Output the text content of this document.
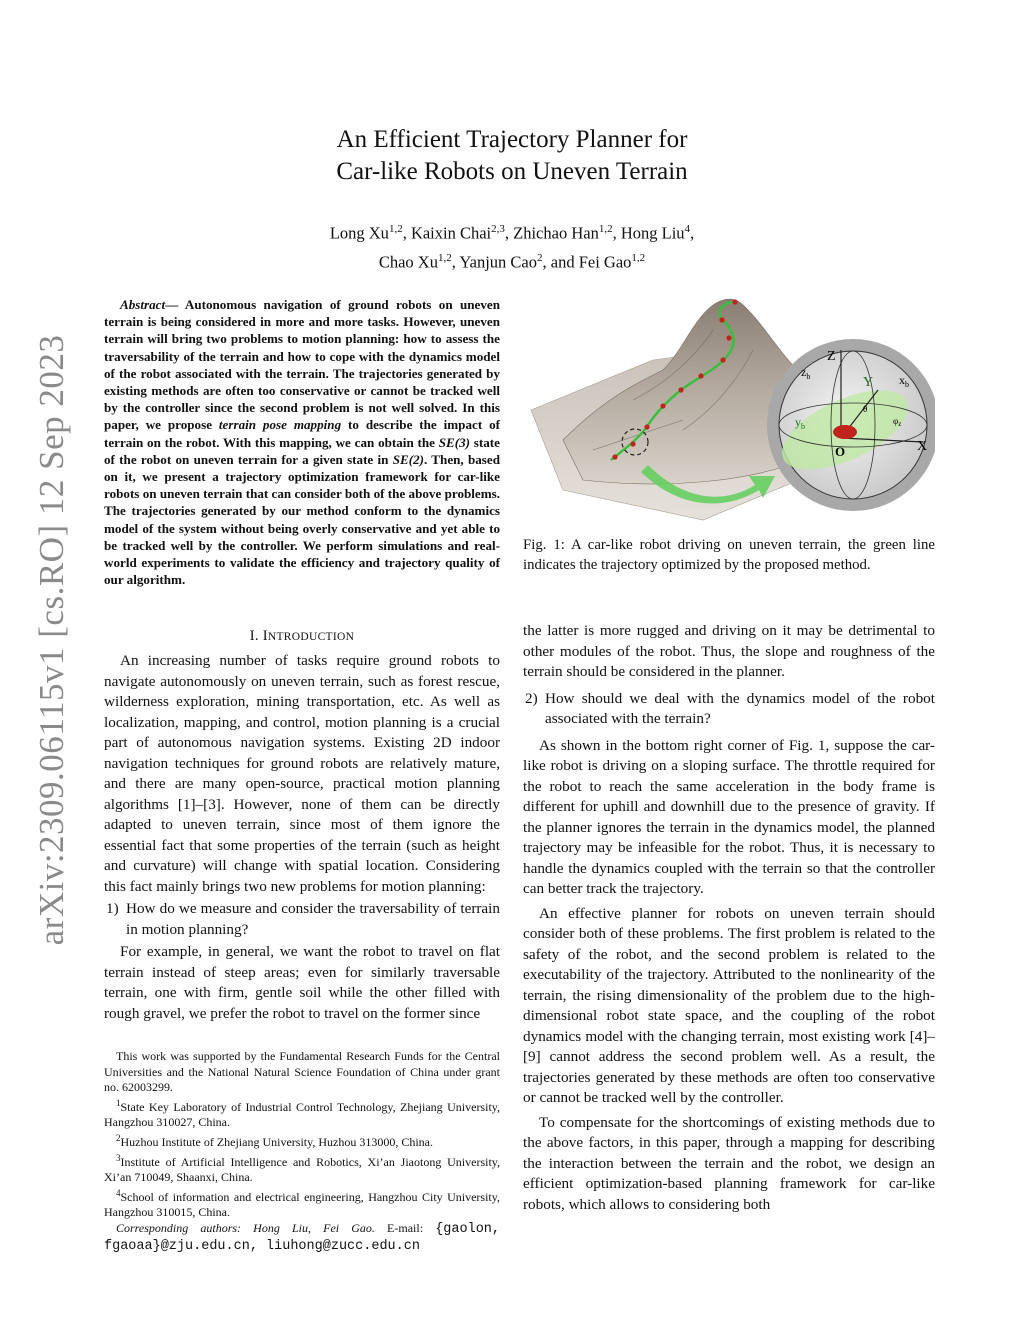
arXiv:2309.06115v1 [cs.RO] 12 Sep 2023
An Efficient Trajectory Planner for
Car-like Robots on Uneven Terrain
Long Xu$^{1,2}$, Kaixin Chai$^{2,3}$, Zhichao Han$^{1,2}$, Hong Liu$^4$,
Chao Xu$^{1,2}$, Yanjun Cao$^2$, and Fei Gao$^{1,2}$

Abstract— Autonomous navigation of ground robots on uneven terrain is being considered in more and more tasks. However, uneven terrain will bring two problems to motion planning: how to assess the traversability of the terrain and how to cope with the dynamics model of the robot associated with the terrain. The trajectories generated by existing methods are often too conservative or cannot be tracked well by the controller since the second problem is not well solved. In this paper, we propose terrain pose mapping to describe the impact of terrain on the robot. With this mapping, we can obtain the SE(3) state of the robot on uneven terrain for a given state in SE(2). Then, based on it, we present a trajectory optimization framework for car-like robots on uneven terrain that can consider both of the above problems. The trajectories generated by our method conform to the dynamics model of the system without being overly conservative and yet able to be tracked well by the controller. We perform simulations and real-world experiments to validate the efficiency and trajectory quality of our algorithm.

I. INTRODUCTION

An increasing number of tasks require ground robots to navigate autonomously on uneven terrain, such as forest rescue, wilderness exploration, mining transportation, etc. As well as localization, mapping, and control, motion planning is a crucial part of autonomous navigation systems. Existing 2D indoor navigation techniques for ground robots are relatively mature, and there are many open-source, practical motion planning algorithms [1]–[3]. However, none of them can be directly adapted to uneven terrain, since most of them ignore the essential fact that some properties of the terrain (such as height and curvature) will change with spatial location. Considering this fact mainly brings two new problems for motion planning:

1) How do we measure and consider the traversability of terrain in motion planning?

For example, in general, we want the robot to travel on flat terrain instead of steep areas; even for similarly traversable terrain, one with firm, gentle soil while the other filled with rough gravel, we prefer the robot to travel on the former since

This work was supported by the Fundamental Research Funds for the Central Universities and the National Natural Science Foundation of China under grant no. 62003299.

$^1$State Key Laboratory of Industrial Control Technology, Zhejiang University, Hangzhou 310027, China.

$^2$Huzhou Institute of Zhejiang University, Huzhou 313000, China.

$^3$Institute of Artificial Intelligence and Robotics, Xi’an Jiaotong University, Xi’an 710049, Shaanxi, China.

$^4$School of information and electrical engineering, Hangzhou City University, Hangzhou 310015, China.

Corresponding authors: Hong Liu, Fei Gao. E-mail: {gaolon, fgaoaa}@zju.edu.cn, liuhong@zucc.edu.cn

Z
$z_b$	Y $x_b$
$y_b$
O	X
θ
$\varphi_z$
Fig. 1: A car-like robot driving on uneven terrain, the green line indicates the trajectory optimized by the proposed method.

the latter is more rugged and driving on it may be detrimental to other modules of the robot. Thus, the slope and roughness of the terrain should be considered in the planner.

2) How should we deal with the dynamics model of the robot associated with the terrain?

As shown in the bottom right corner of Fig. 1, suppose the car-like robot is driving on a sloping surface. The throttle required for the robot to reach the same acceleration in the body frame is different for uphill and downhill due to the presence of gravity. If the planner ignores the terrain in the dynamics model, the planned trajectory may be infeasible for the robot. Thus, it is necessary to handle the dynamics coupled with the terrain so that the controller can better track the trajectory.

An effective planner for robots on uneven terrain should consider both of these problems. The first problem is related to the safety of the robot, and the second problem is related to the executability of the trajectory. Attributed to the nonlinearity of the terrain, the rising dimensionality of the problem due to the high-dimensional robot state space, and the coupling of the robot dynamics model with the changing terrain, most existing work [4]–[9] cannot address the second problem well. As a result, the trajectories generated by these methods are often too conservative or cannot be tracked well by the controller.

To compensate for the shortcomings of existing methods due to the above factors, in this paper, through a mapping for describing the interaction between the terrain and the robot, we design an efficient optimization-based planning framework for car-like robots, which allows to considering both
